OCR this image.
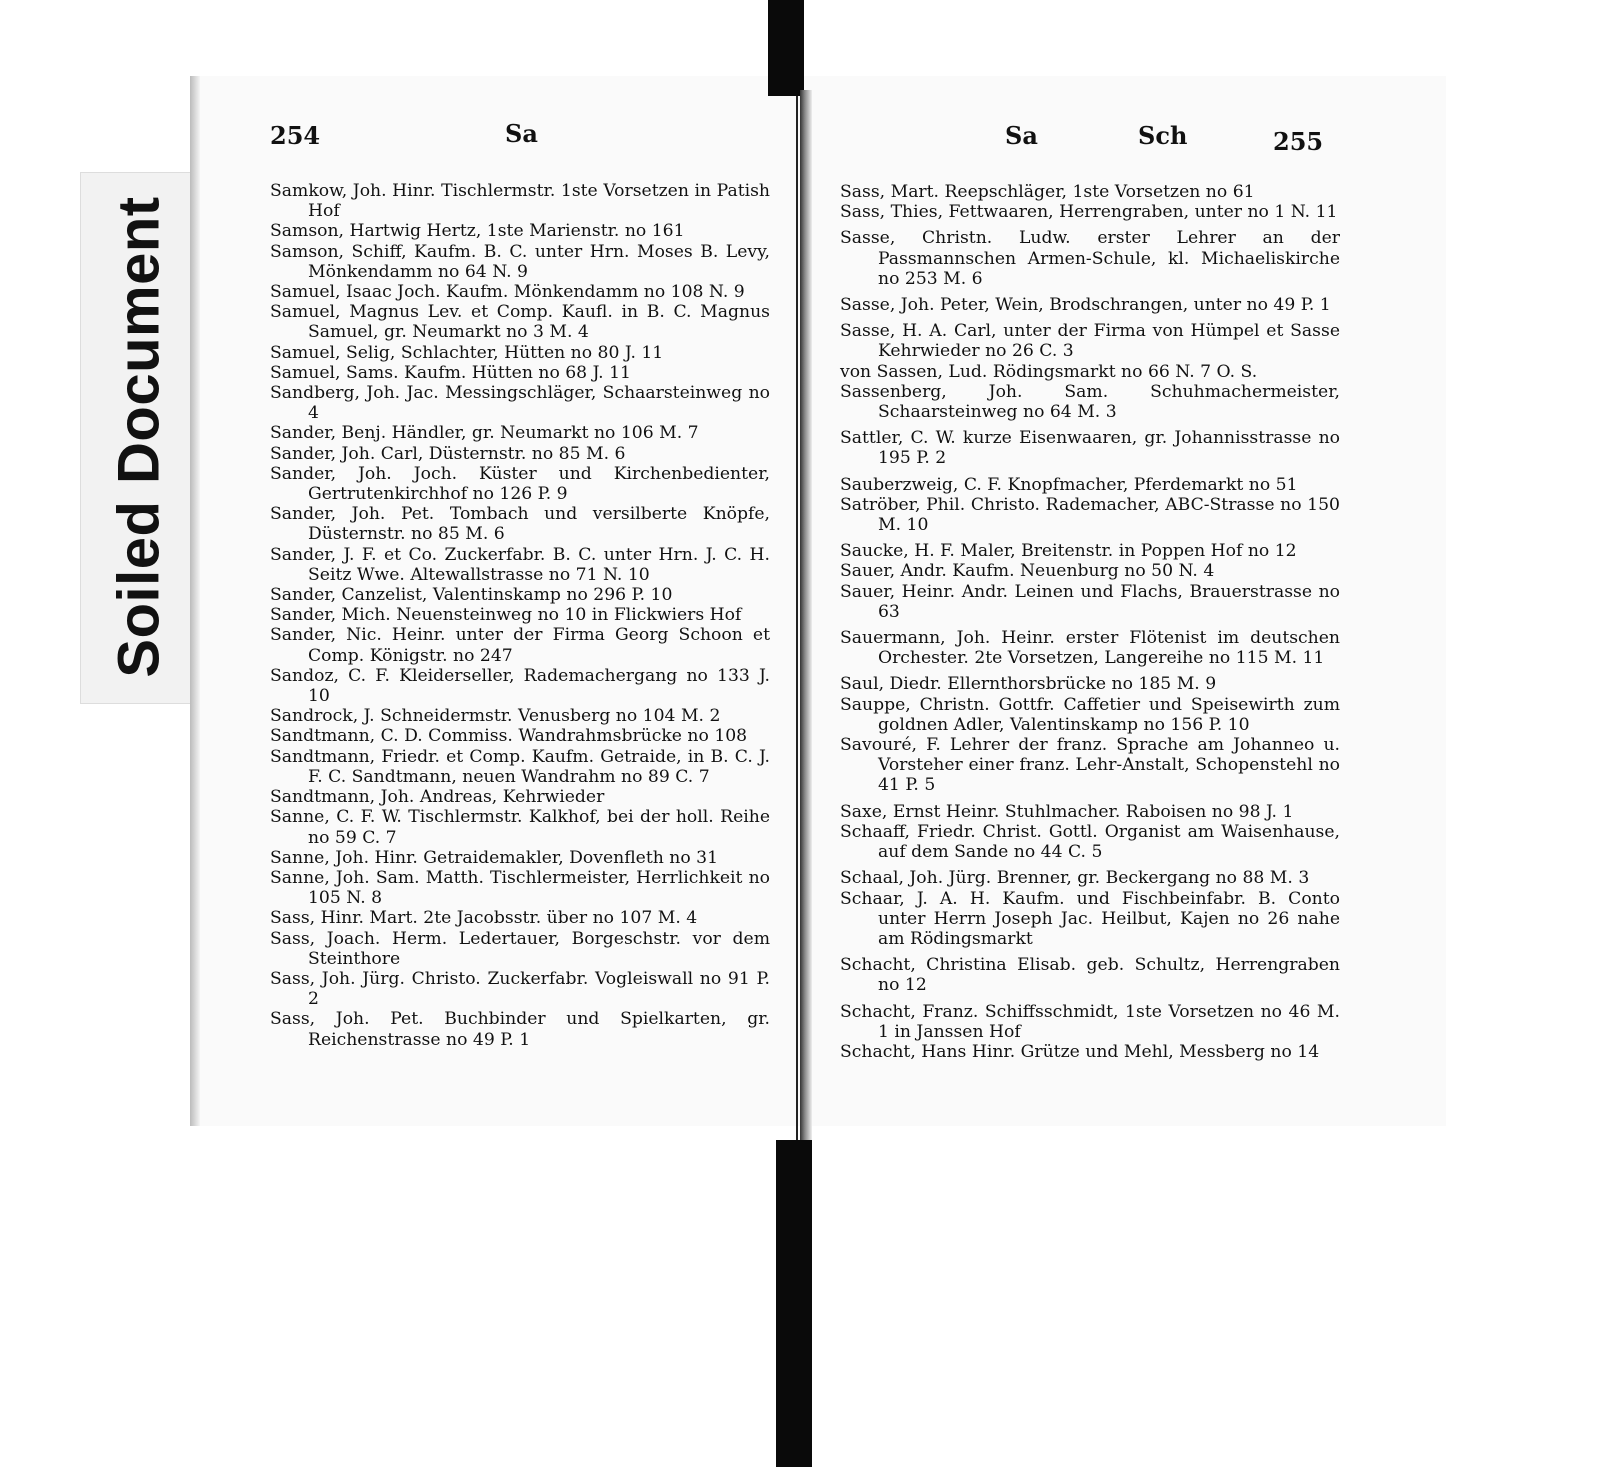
Soiled Document
254	Sa	Sa	Sch	255

Samkow, Joh. Hinr. Tischlermstr. 1ste Vorsetzen in Patish Hof

Samson, Hartwig Hertz, 1ste Marienstr. no 161

Samson, Schiff, Kaufm. B. C. unter Hrn. Moses B. Levy, Mönkendamm no 64 N. 9

Samuel, Isaac Joch. Kaufm. Mönkendamm no 108 N. 9

Samuel, Magnus Lev. et Comp. Kaufl. in B. C. Magnus Samuel, gr. Neumarkt no 3 M. 4

Samuel, Selig, Schlachter, Hütten no 80 J. 11

Samuel, Sams. Kaufm. Hütten no 68 J. 11

Sandberg, Joh. Jac. Messingschläger, Schaarsteinweg no 4

Sander, Benj. Händler, gr. Neumarkt no 106 M. 7

Sander, Joh. Carl, Düsternstr. no 85 M. 6

Sander, Joh. Joch. Küster und Kirchenbedienter, Gertrutenkirchhof no 126 P. 9

Sander, Joh. Pet. Tombach und versilberte Knöpfe, Düsternstr. no 85 M. 6

Sander, J. F. et Co. Zuckerfabr. B. C. unter Hrn. J. C. H. Seitz Wwe. Altewallstrasse no 71 N. 10

Sander, Canzelist, Valentinskamp no 296 P. 10

Sander, Mich. Neuensteinweg no 10 in Flickwiers Hof

Sander, Nic. Heinr. unter der Firma Georg Schoon et Comp. Königstr. no 247

Sandoz, C. F. Kleiderseller, Rademachergang no 133 J. 10

Sandrock, J. Schneidermstr. Venusberg no 104 M. 2

Sandtmann, C. D. Commiss. Wandrahmsbrücke no 108

Sandtmann, Friedr. et Comp. Kaufm. Getraide, in B. C. J. F. C. Sandtmann, neuen Wandrahm no 89 C. 7

Sandtmann, Joh. Andreas, Kehrwieder

Sanne, C. F. W. Tischlermstr. Kalkhof, bei der holl. Reihe no 59 C. 7

Sanne, Joh. Hinr. Getraidemakler, Dovenfleth no 31

Sanne, Joh. Sam. Matth. Tischlermeister, Herrlichkeit no 105 N. 8

Sass, Hinr. Mart. 2te Jacobsstr. über no 107 M. 4

Sass, Joach. Herm. Ledertauer, Borgeschstr. vor dem Steinthore

Sass, Joh. Jürg. Christo. Zuckerfabr. Vogleiswall no 91 P. 2

Sass, Joh. Pet. Buchbinder und Spielkarten, gr. Reichenstrasse no 49 P. 1

Sass, Mart. Reepschläger, 1ste Vorsetzen no 61

Sass, Thies, Fettwaaren, Herrengraben, unter no 1 N. 11

Sasse, Christn. Ludw. erster Lehrer an der Passmannschen Armen-Schule, kl. Michaeliskirche no 253 M. 6

Sasse, Joh. Peter, Wein, Brodschrangen, unter no 49 P. 1

Sasse, H. A. Carl, unter der Firma von Hümpel et Sasse Kehrwieder no 26 C. 3

von Sassen, Lud. Rödingsmarkt no 66 N. 7 O. S.

Sassenberg, Joh. Sam. Schuhmachermeister, Schaarsteinweg no 64 M. 3

Sattler, C. W. kurze Eisenwaaren, gr. Johannisstrasse no 195 P. 2

Sauberzweig, C. F. Knopfmacher, Pferdemarkt no 51

Satröber, Phil. Christo. Rademacher, ABC-Strasse no 150 M. 10

Saucke, H. F. Maler, Breitenstr. in Poppen Hof no 12

Sauer, Andr. Kaufm. Neuenburg no 50 N. 4

Sauer, Heinr. Andr. Leinen und Flachs, Brauerstrasse no 63

Sauermann, Joh. Heinr. erster Flötenist im deutschen Orchester. 2te Vorsetzen, Langereihe no 115 M. 11

Saul, Diedr. Ellernthorsbrücke no 185 M. 9

Sauppe, Christn. Gottfr. Caffetier und Speisewirth zum goldnen Adler, Valentinskamp no 156 P. 10

Savouré, F. Lehrer der franz. Sprache am Johanneo u. Vorsteher einer franz. Lehr-Anstalt, Schopenstehl no 41 P. 5

Saxe, Ernst Heinr. Stuhlmacher. Raboisen no 98 J. 1

Schaaff, Friedr. Christ. Gottl. Organist am Waisenhause, auf dem Sande no 44 C. 5

Schaal, Joh. Jürg. Brenner, gr. Beckergang no 88 M. 3

Schaar, J. A. H. Kaufm. und Fischbeinfabr. B. Conto unter Herrn Joseph Jac. Heilbut, Kajen no 26 nahe am Rödingsmarkt

Schacht, Christina Elisab. geb. Schultz, Herrengraben no 12

Schacht, Franz. Schiffsschmidt, 1ste Vorsetzen no 46 M. 1 in Janssen Hof

Schacht, Hans Hinr. Grütze und Mehl, Messberg no 14
